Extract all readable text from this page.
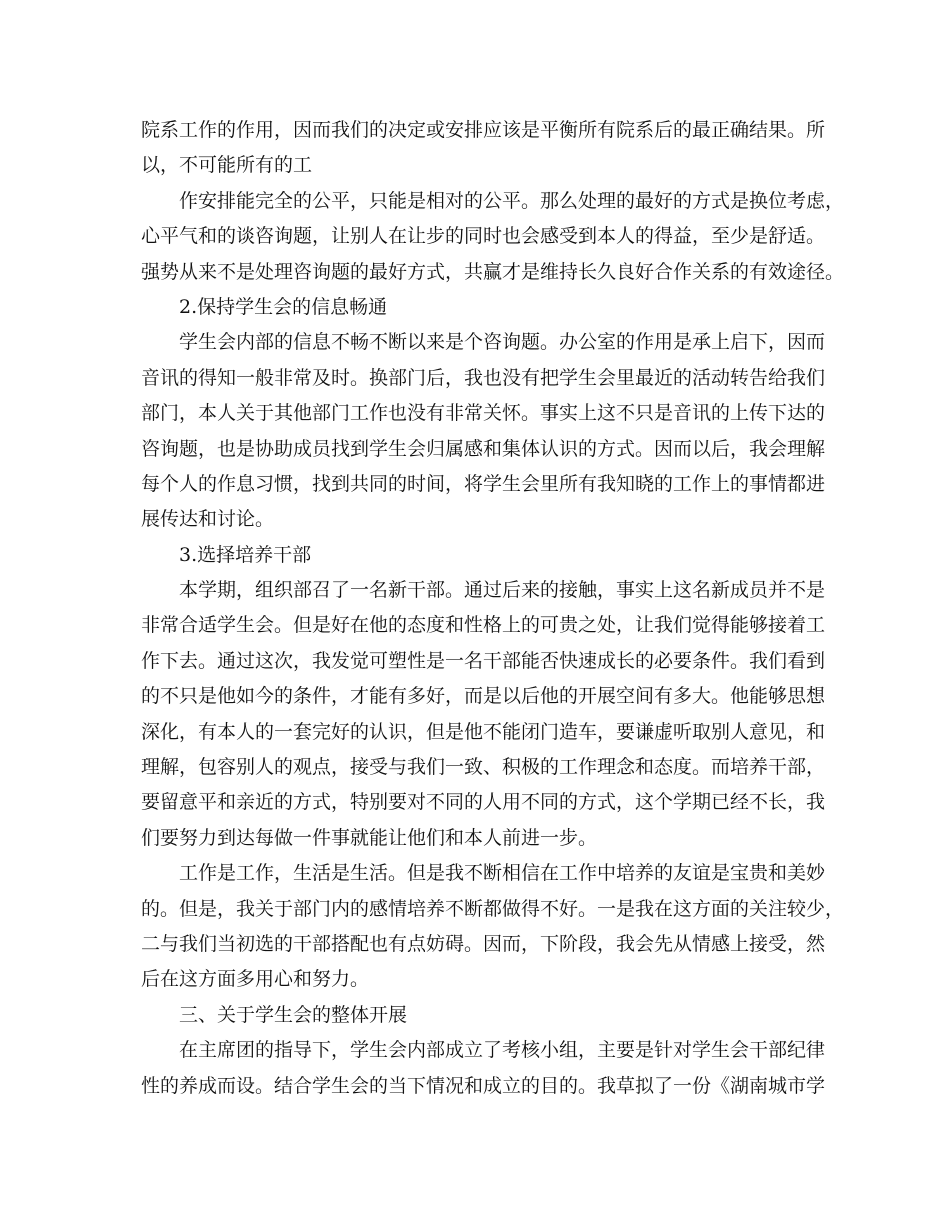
院系工作的作用，因而我们的决定或安排应该是平衡所有院系后的最正确结果。所
以，不可能所有的工
作安排能完全的公平，只能是相对的公平。那么处理的最好的方式是换位考虑，
心平气和的谈咨询题，让别人在让步的同时也会感受到本人的得益，至少是舒适。
强势从来不是处理咨询题的最好方式，共赢才是维持长久良好合作关系的有效途径。
2.保持学生会的信息畅通
学生会内部的信息不畅不断以来是个咨询题。办公室的作用是承上启下，因而
音讯的得知一般非常及时。换部门后，我也没有把学生会里最近的活动转告给我们
部门，本人关于其他部门工作也没有非常关怀。事实上这不只是音讯的上传下达的
咨询题，也是协助成员找到学生会归属感和集体认识的方式。因而以后，我会理解
每个人的作息习惯，找到共同的时间，将学生会里所有我知晓的工作上的事情都进
展传达和讨论。
3.选择培养干部
本学期，组织部召了一名新干部。通过后来的接触，事实上这名新成员并不是
非常合适学生会。但是好在他的态度和性格上的可贵之处，让我们觉得能够接着工
作下去。通过这次，我发觉可塑性是一名干部能否快速成长的必要条件。我们看到
的不只是他如今的条件，才能有多好，而是以后他的开展空间有多大。他能够思想
深化，有本人的一套完好的认识，但是他不能闭门造车，要谦虚听取别人意见，和
理解，包容别人的观点，接受与我们一致、积极的工作理念和态度。而培养干部，
要留意平和亲近的方式，特别要对不同的人用不同的方式，这个学期已经不长，我
们要努力到达每做一件事就能让他们和本人前进一步。
工作是工作，生活是生活。但是我不断相信在工作中培养的友谊是宝贵和美妙
的。但是，我关于部门内的感情培养不断都做得不好。一是我在这方面的关注较少，
二与我们当初选的干部搭配也有点妨碍。因而，下阶段，我会先从情感上接受，然
后在这方面多用心和努力。
三、关于学生会的整体开展
在主席团的指导下，学生会内部成立了考核小组，主要是针对学生会干部纪律
性的养成而设。结合学生会的当下情况和成立的目的。我草拟了一份《湖南城市学
